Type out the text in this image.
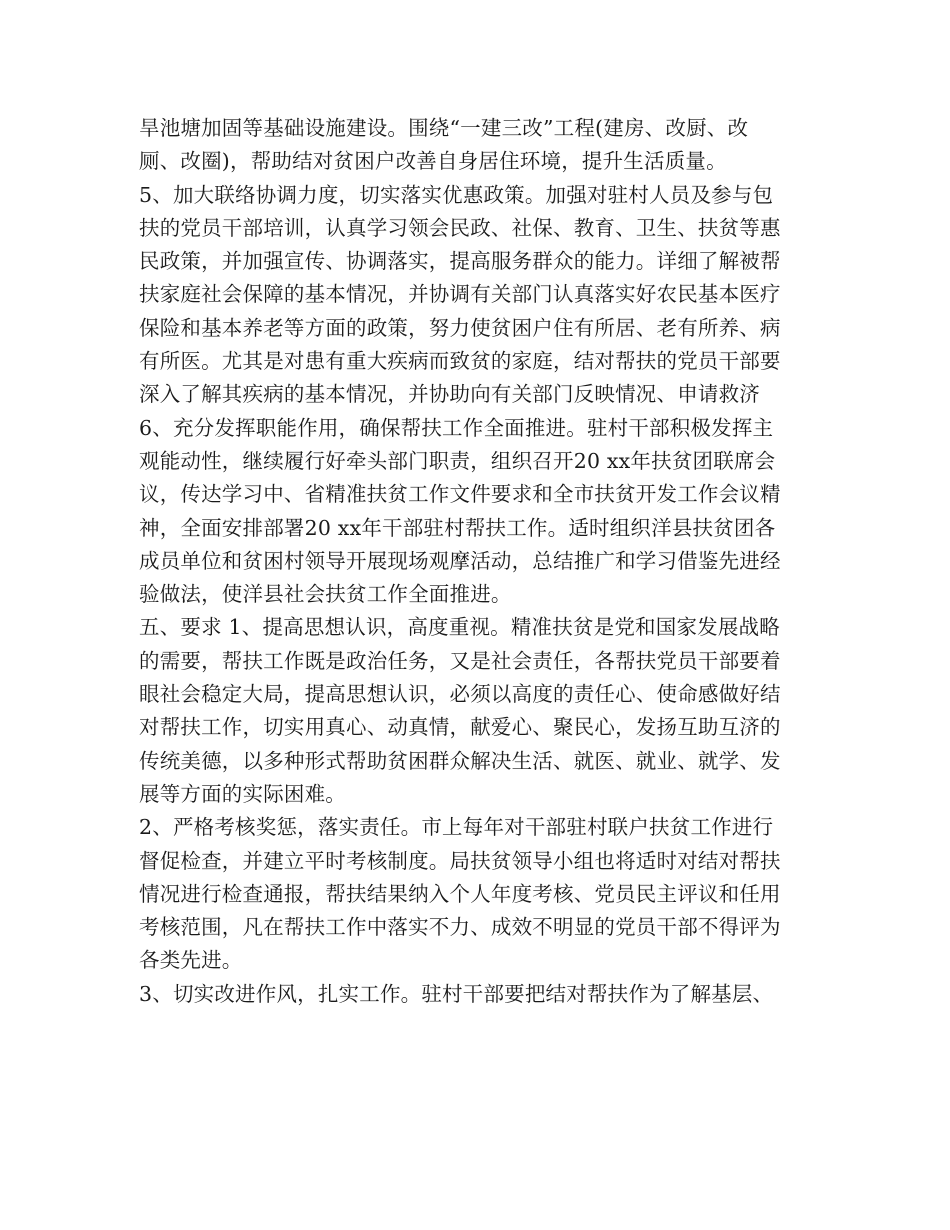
旱池塘加固等基础设施建设。围绕“一建三改”工程(建房、改厨、改
厕、改圈)，帮助结对贫困户改善自身居住环境，提升生活质量。
5、加大联络协调力度，切实落实优惠政策。加强对驻村人员及参与包
扶的党员干部培训，认真学习领会民政、社保、教育、卫生、扶贫等惠
民政策，并加强宣传、协调落实，提高服务群众的能力。详细了解被帮
扶家庭社会保障的基本情况，并协调有关部门认真落实好农民基本医疗
保险和基本养老等方面的政策，努力使贫困户住有所居、老有所养、病
有所医。尤其是对患有重大疾病而致贫的家庭，结对帮扶的党员干部要
深入了解其疾病的基本情况，并协助向有关部门反映情况、申请救济
6、充分发挥职能作用，确保帮扶工作全面推进。驻村干部积极发挥主
观能动性，继续履行好牵头部门职责，组织召开20 xx年扶贫团联席会
议，传达学习中、省精准扶贫工作文件要求和全市扶贫开发工作会议精
神，全面安排部署20 xx年干部驻村帮扶工作。适时组织洋县扶贫团各
成员单位和贫困村领导开展现场观摩活动，总结推广和学习借鉴先进经
验做法，使洋县社会扶贫工作全面推进。
五、要求 1、提高思想认识，高度重视。精准扶贫是党和国家发展战略
的需要，帮扶工作既是政治任务，又是社会责任，各帮扶党员干部要着
眼社会稳定大局，提高思想认识，必须以高度的责任心、使命感做好结
对帮扶工作，切实用真心、动真情，献爱心、聚民心，发扬互助互济的
传统美德，以多种形式帮助贫困群众解决生活、就医、就业、就学、发
展等方面的实际困难。
2、严格考核奖惩，落实责任。市上每年对干部驻村联户扶贫工作进行
督促检查，并建立平时考核制度。局扶贫领导小组也将适时对结对帮扶
情况进行检查通报，帮扶结果纳入个人年度考核、党员民主评议和任用
考核范围，凡在帮扶工作中落实不力、成效不明显的党员干部不得评为
各类先进。
3、切实改进作风，扎实工作。驻村干部要把结对帮扶作为了解基层、
